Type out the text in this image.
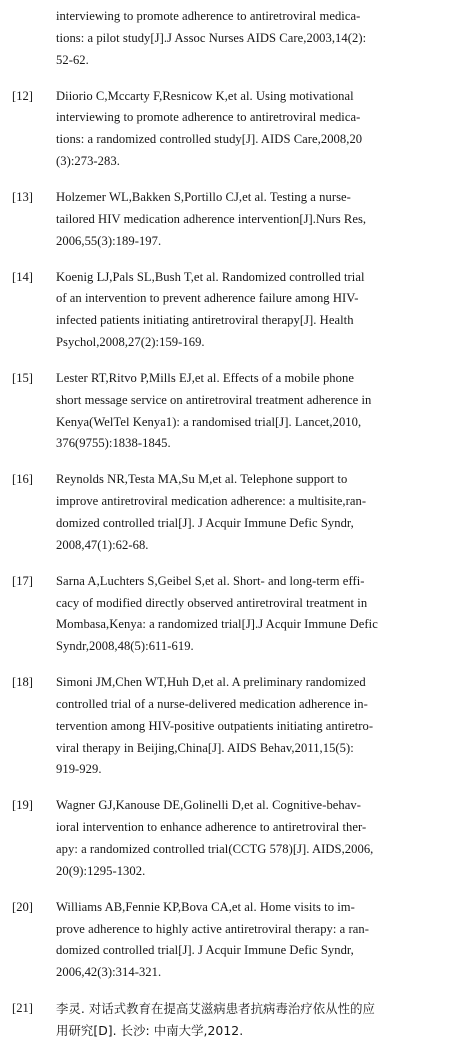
interviewing to promote adherence to antiretroviral medica-
tions: a pilot study[J].J Assoc Nurses AIDS Care,2003,14(2):
52-62.
[12] Diiorio C,Mccarty F,Resnicow K,et al. Using motivational
interviewing to promote adherence to antiretroviral medica-
tions: a randomized controlled study[J]. AIDS Care,2008,20
(3):273-283.
[13] Holzemer WL,Bakken S,Portillo CJ,et al. Testing a nurse-
tailored HIV medication adherence intervention[J].Nurs Res,
2006,55(3):189-197.
[14] Koenig LJ,Pals SL,Bush T,et al. Randomized controlled trial
of an intervention to prevent adherence failure among HIV-
infected patients initiating antiretroviral therapy[J]. Health
Psychol,2008,27(2):159-169.
[15] Lester RT,Ritvo P,Mills EJ,et al. Effects of a mobile phone
short message service on antiretroviral treatment adherence in
Kenya(WelTel Kenya1): a randomised trial[J]. Lancet,2010,
376(9755):1838-1845.
[16] Reynolds NR,Testa MA,Su M,et al. Telephone support to
improve antiretroviral medication adherence: a multisite,ran-
domized controlled trial[J]. J Acquir Immune Defic Syndr,
2008,47(1):62-68.
[17] Sarna A,Luchters S,Geibel S,et al. Short- and long-term effi-
cacy of modified directly observed antiretroviral treatment in
Mombasa,Kenya: a randomized trial[J].J Acquir Immune Defic
Syndr,2008,48(5):611-619.
[18] Simoni JM,Chen WT,Huh D,et al. A preliminary randomized
controlled trial of a nurse-delivered medication adherence in-
tervention among HIV-positive outpatients initiating antiretro-
viral therapy in Beijing,China[J]. AIDS Behav,2011,15(5):
919-929.
[19] Wagner GJ,Kanouse DE,Golinelli D,et al. Cognitive-behav-
ioral intervention to enhance adherence to antiretroviral ther-
apy: a randomized controlled trial(CCTG 578)[J]. AIDS,2006,
20(9):1295-1302.
[20] Williams AB,Fennie KP,Bova CA,et al. Home visits to im-
prove adherence to highly active antiretroviral therapy: a ran-
domized controlled trial[J]. J Acquir Immune Defic Syndr,
2006,42(3):314-321.
[21] 李灵. 对话式教育在提高艾滋病患者抗病毒治疗依从性的应
用研究[D]. 长沙: 中南大学,2012.
